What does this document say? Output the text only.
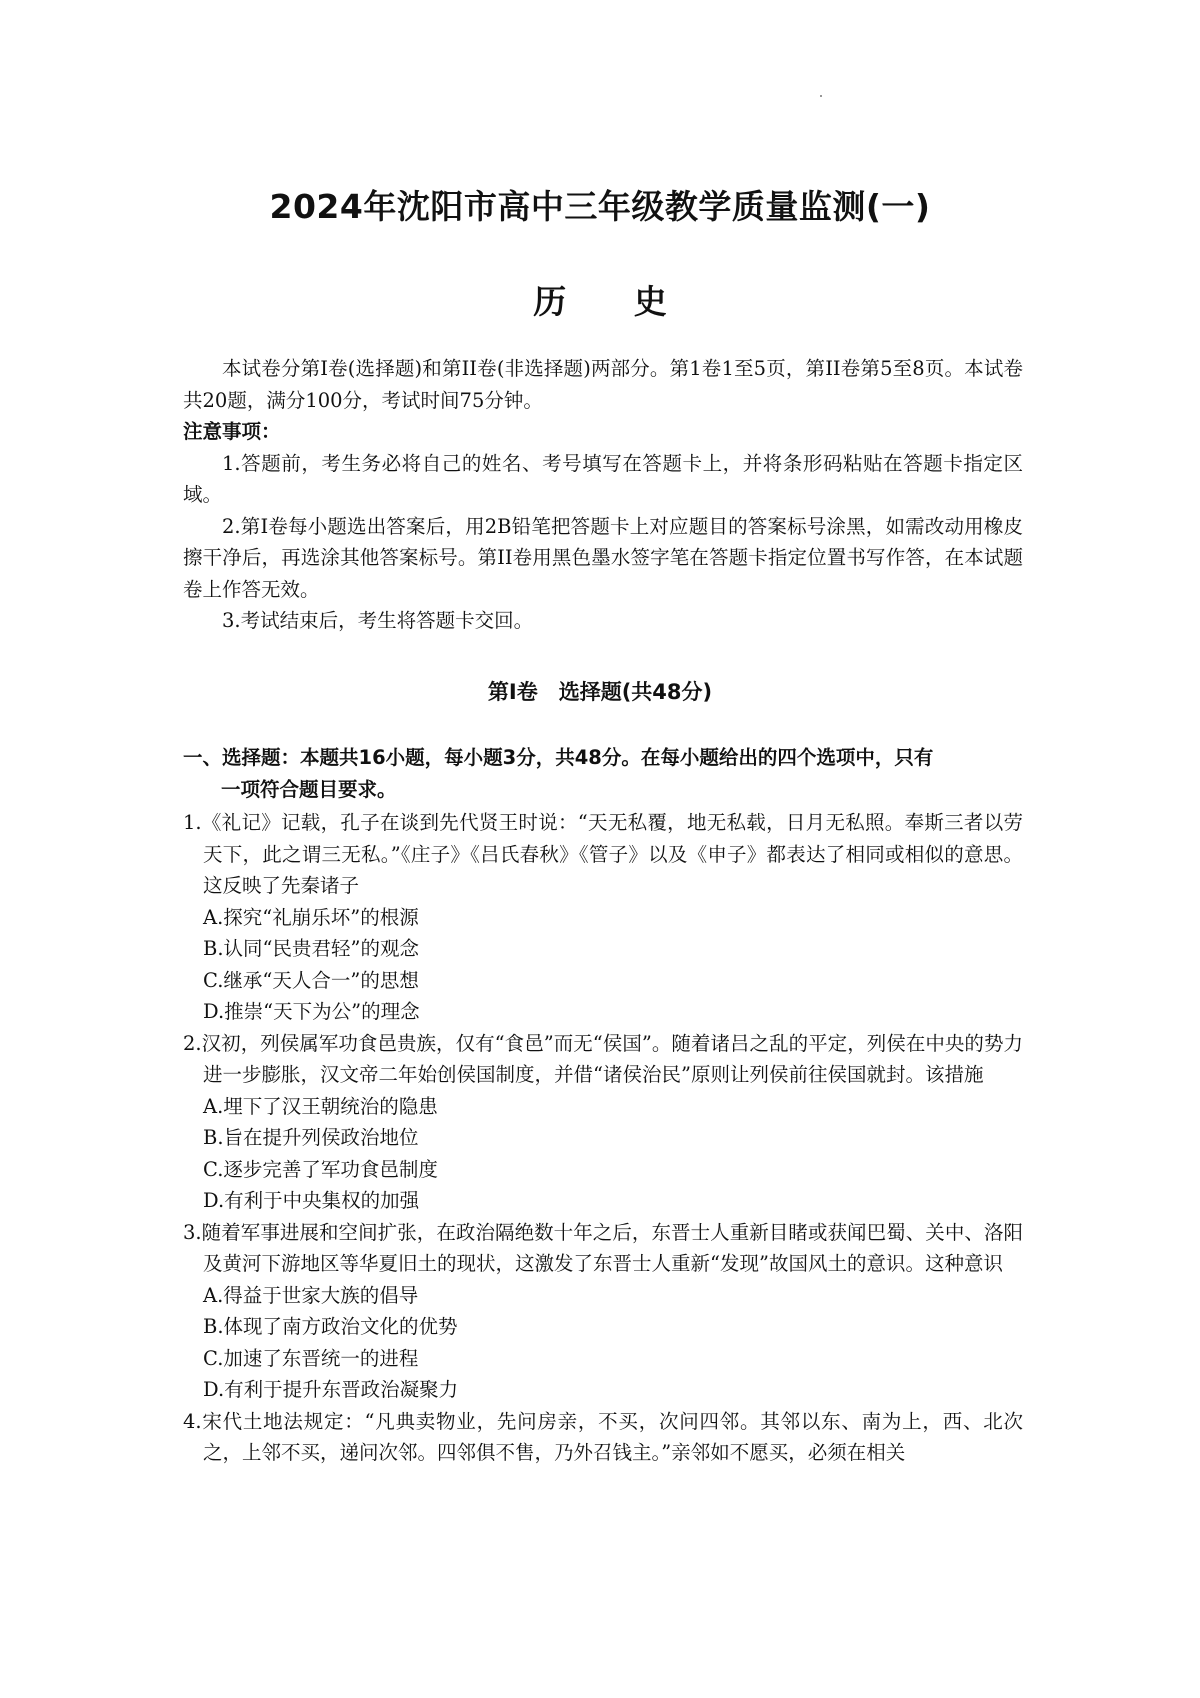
2024年沈阳市高中三年级教学质量监测(一)
历 史

本试卷分第I卷(选择题)和第II卷(非选择题)两部分。第1卷1至5页，第II卷第5至8页。本试卷共20题，满分100分，考试时间75分钟。

注意事项：

1.答题前，考生务必将自己的姓名、考号填写在答题卡上，并将条形码粘贴在答题卡指定区域。

2.第I卷每小题选出答案后，用2B铅笔把答题卡上对应题目的答案标号涂黑，如需改动用橡皮擦干净后，再选涂其他答案标号。第II卷用黑色墨水签字笔在答题卡指定位置书写作答，在本试题卷上作答无效。

3.考试结束后，考生将答题卡交回。

第I卷　选择题(共48分)
一、选择题：本题共16小题，每小题3分，共48分。在每小题给出的四个选项中，只有
一项符合题目要求。

1.《礼记》记载，孔子在谈到先代贤王时说：“天无私覆，地无私载，日月无私照。奉斯三者以劳天下，此之谓三无私。”《庄子》《吕氏春秋》《管子》以及《申子》都表达了相同或相似的意思。这反映了先秦诸子

A.探究“礼崩乐坏”的根源

B.认同“民贵君轻”的观念

C.继承“天人合一”的思想

D.推崇“天下为公”的理念

2.汉初，列侯属军功食邑贵族，仅有“食邑”而无“侯国”。随着诸吕之乱的平定，列侯在中央的势力进一步膨胀，汉文帝二年始创侯国制度，并借“诸侯治民”原则让列侯前往侯国就封。该措施

A.埋下了汉王朝统治的隐患

B.旨在提升列侯政治地位

C.逐步完善了军功食邑制度

D.有利于中央集权的加强

3.随着军事进展和空间扩张，在政治隔绝数十年之后，东晋士人重新目睹或获闻巴蜀、关中、洛阳及黄河下游地区等华夏旧土的现状，这激发了东晋士人重新“发现”故国风土的意识。这种意识

A.得益于世家大族的倡导

B.体现了南方政治文化的优势

C.加速了东晋统一的进程

D.有利于提升东晋政治凝聚力

4.宋代土地法规定：“凡典卖物业，先问房亲，不买，次问四邻。其邻以东、南为上，西、北次之，上邻不买，递问次邻。四邻俱不售，乃外召钱主。”亲邻如不愿买，必须在相关
